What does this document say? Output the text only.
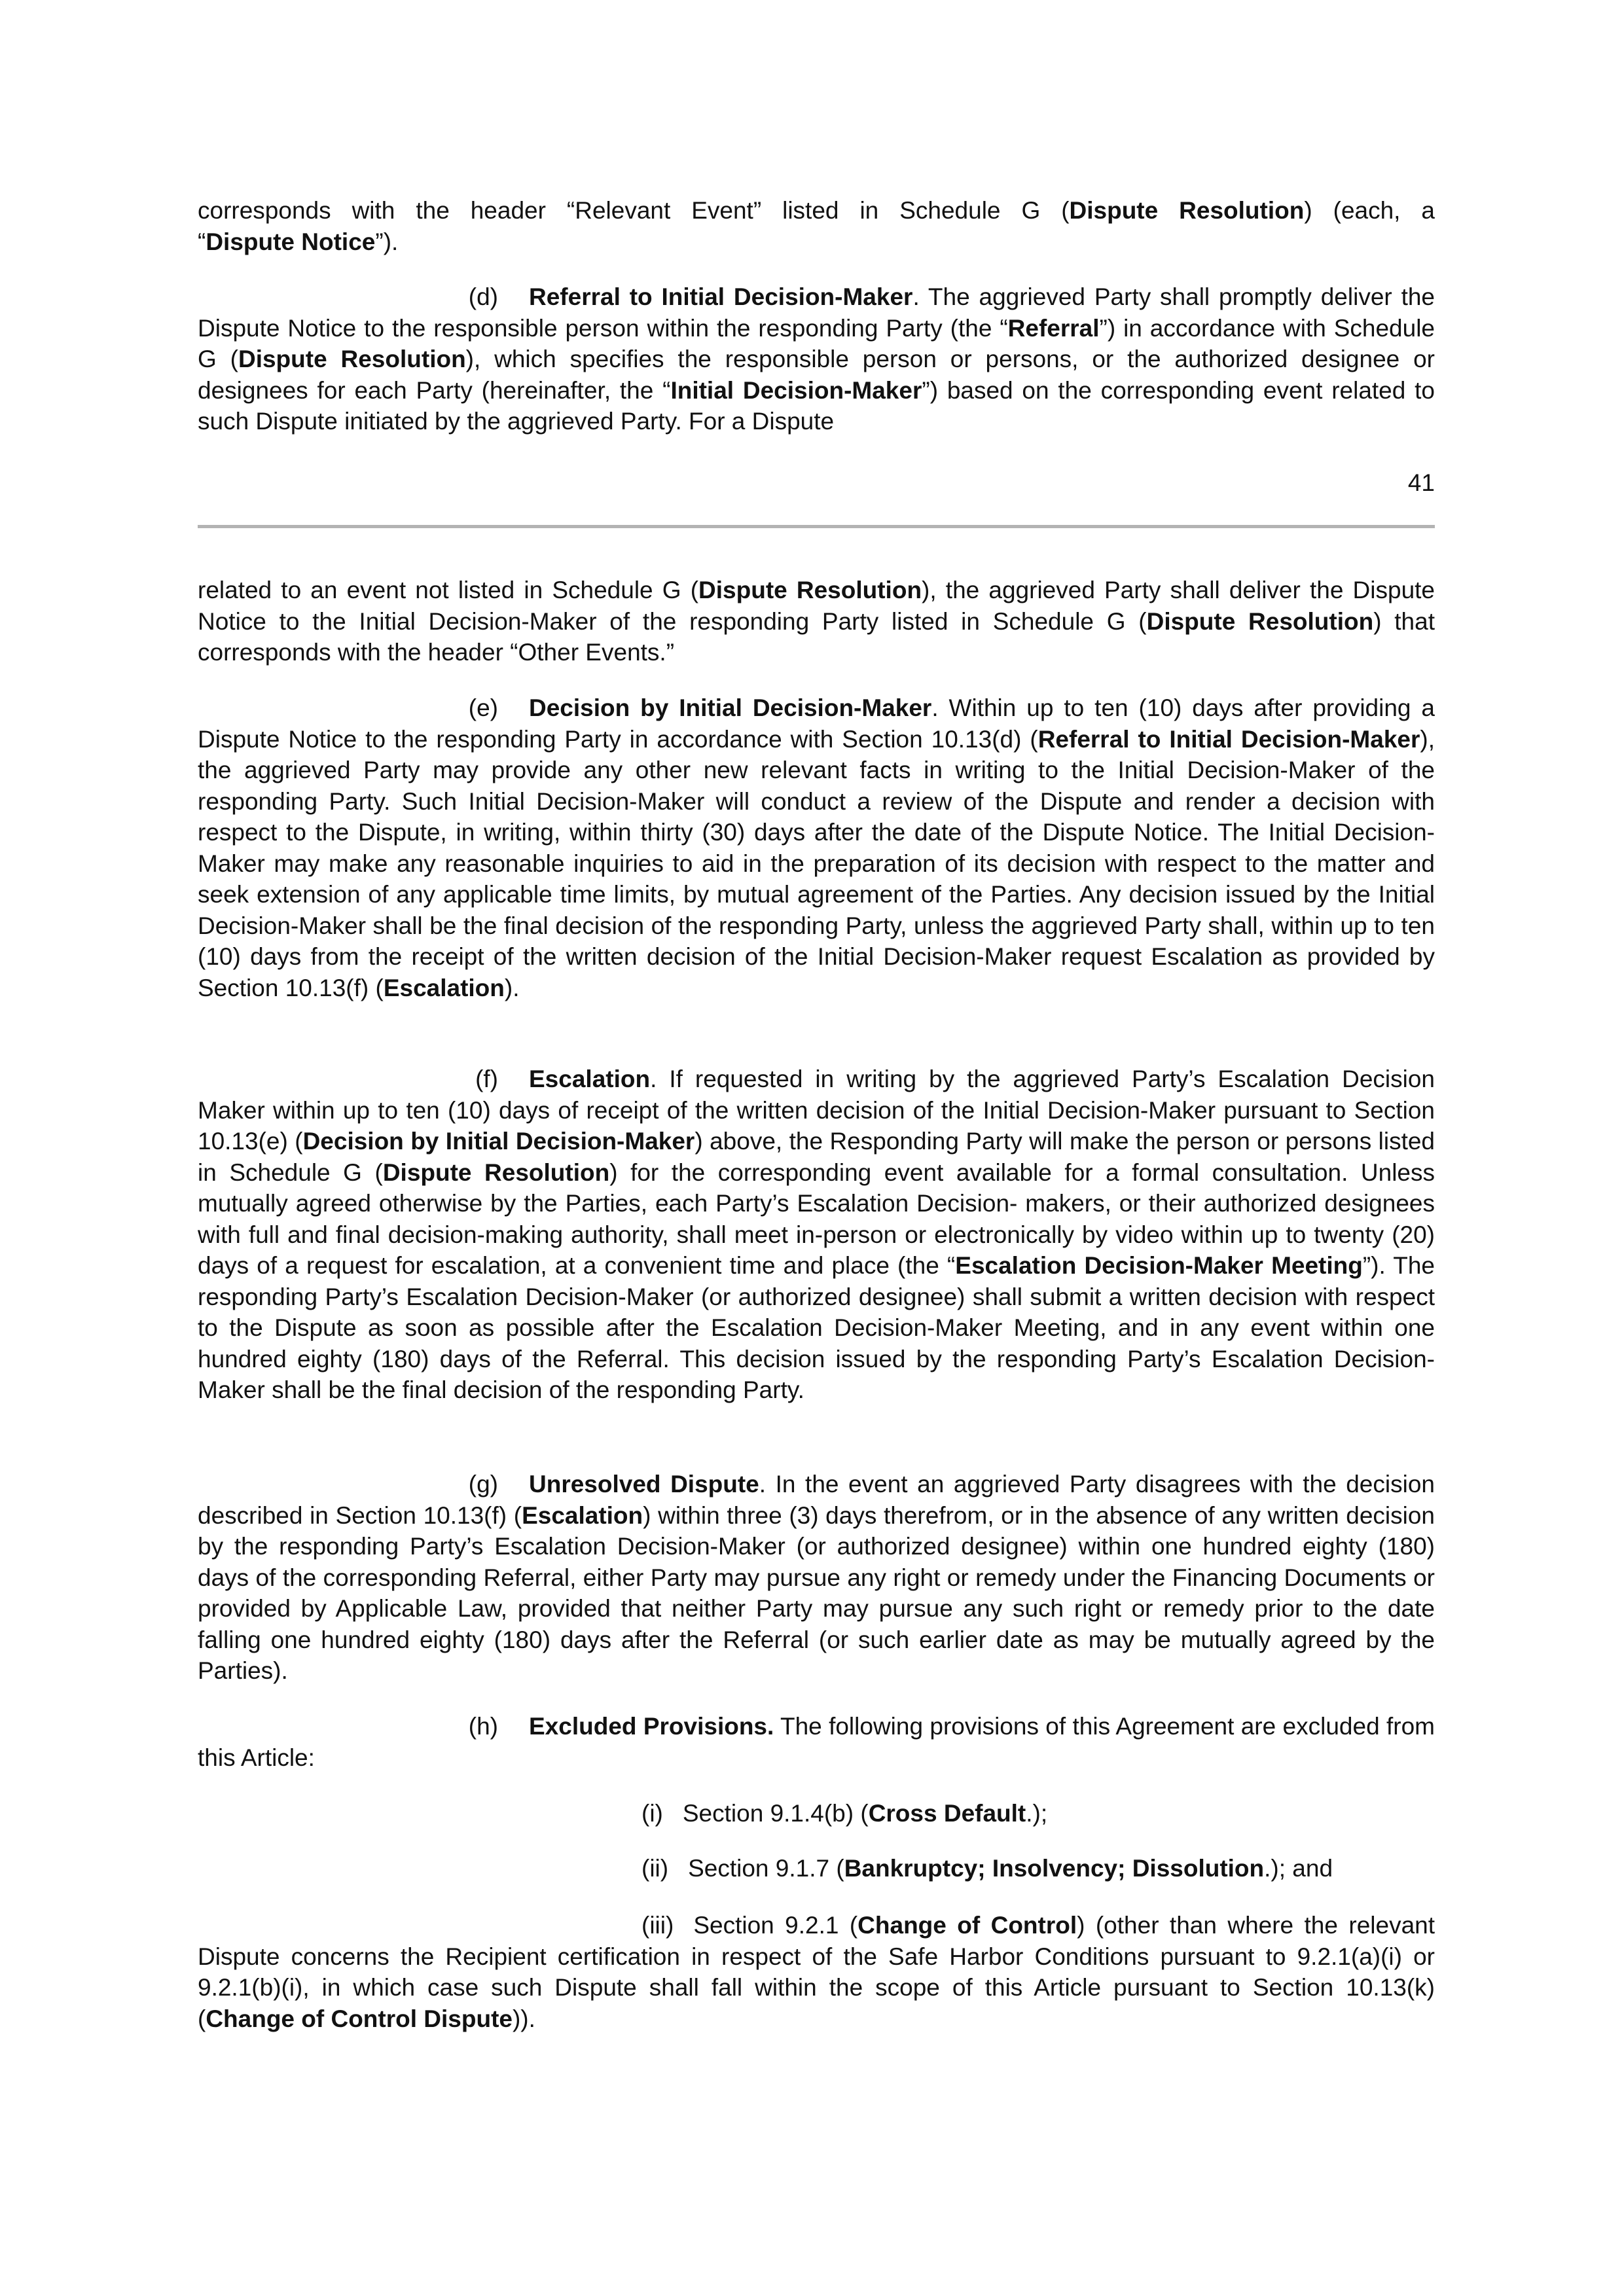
corresponds with the header “Relevant Event” listed in Schedule G (Dispute Resolution) (each, a
“Dispute Notice”).

(d) Referral to Initial Decision-Maker. The aggrieved Party shall promptly deliver the Dispute Notice to the responsible person within the responding Party (the “Referral”) in accordance with Schedule G (Dispute Resolution), which specifies the responsible person or persons, or the authorized designee or designees for each Party (hereinafter, the “Initial Decision-Maker”) based on the corresponding event related to such Dispute initiated by the aggrieved Party. For a Dispute

41

related to an event not listed in Schedule G (Dispute Resolution), the aggrieved Party shall deliver the Dispute Notice to the Initial Decision-Maker of the responding Party listed in Schedule G (Dispute Resolution) that corresponds with the header “Other Events.”

(e) Decision by Initial Decision-Maker. Within up to ten (10) days after providing a Dispute Notice to the responding Party in accordance with Section 10.13(d) (Referral to Initial Decision-Maker), the aggrieved Party may provide any other new relevant facts in writing to the Initial Decision-Maker of the responding Party. Such Initial Decision-Maker will conduct a review of the Dispute and render a decision with respect to the Dispute, in writing, within thirty (30) days after the date of the Dispute Notice. The Initial Decision-Maker may make any reasonable inquiries to aid in the preparation of its decision with respect to the matter and seek extension of any applicable time limits, by mutual agreement of the Parties. Any decision issued by the Initial Decision-Maker shall be the final decision of the responding Party, unless the aggrieved Party shall, within up to ten (10) days from the receipt of the written decision of the Initial Decision-Maker request Escalation as provided by Section 10.13(f) (Escalation).

(f) Escalation. If requested in writing by the aggrieved Party’s Escalation Decision Maker within up to ten (10) days of receipt of the written decision of the Initial Decision-Maker pursuant to Section 10.13(e) (Decision by Initial Decision-Maker) above, the Responding Party will make the person or persons listed in Schedule G (Dispute Resolution) for the corresponding event available for a formal consultation. Unless mutually agreed otherwise by the Parties, each Party’s Escalation Decision- makers, or their authorized designees with full and final decision-making authority, shall meet in-person or electronically by video within up to twenty (20) days of a request for escalation, at a convenient time and place (the “Escalation Decision-Maker Meeting”). The responding Party’s Escalation Decision-Maker (or authorized designee) shall submit a written decision with respect to the Dispute as soon as possible after the Escalation Decision-Maker Meeting, and in any event within one hundred eighty (180) days of the Referral. This decision issued by the responding Party’s Escalation Decision-Maker shall be the final decision of the responding Party.

(g) Unresolved Dispute. In the event an aggrieved Party disagrees with the decision described in Section 10.13(f) (Escalation) within three (3) days therefrom, or in the absence of any written decision by the responding Party’s Escalation Decision-Maker (or authorized designee) within one hundred eighty (180) days of the corresponding Referral, either Party may pursue any right or remedy under the Financing Documents or provided by Applicable Law, provided that neither Party may pursue any such right or remedy prior to the date falling one hundred eighty (180) days after the Referral (or such earlier date as may be mutually agreed by the Parties).

(h) Excluded Provisions. The following provisions of this Agreement are excluded from this Article:

(i) Section 9.1.4(b) (Cross Default.);
(ii) Section 9.1.7 (Bankruptcy; Insolvency; Dissolution.); and

(iii) Section 9.2.1 (Change of Control) (other than where the relevant Dispute concerns the Recipient certification in respect of the Safe Harbor Conditions pursuant to 9.2.1(a)(i) or 9.2.1(b)(i), in which case such Dispute shall fall within the scope of this Article pursuant to Section 10.13(k) (Change of Control Dispute)).
